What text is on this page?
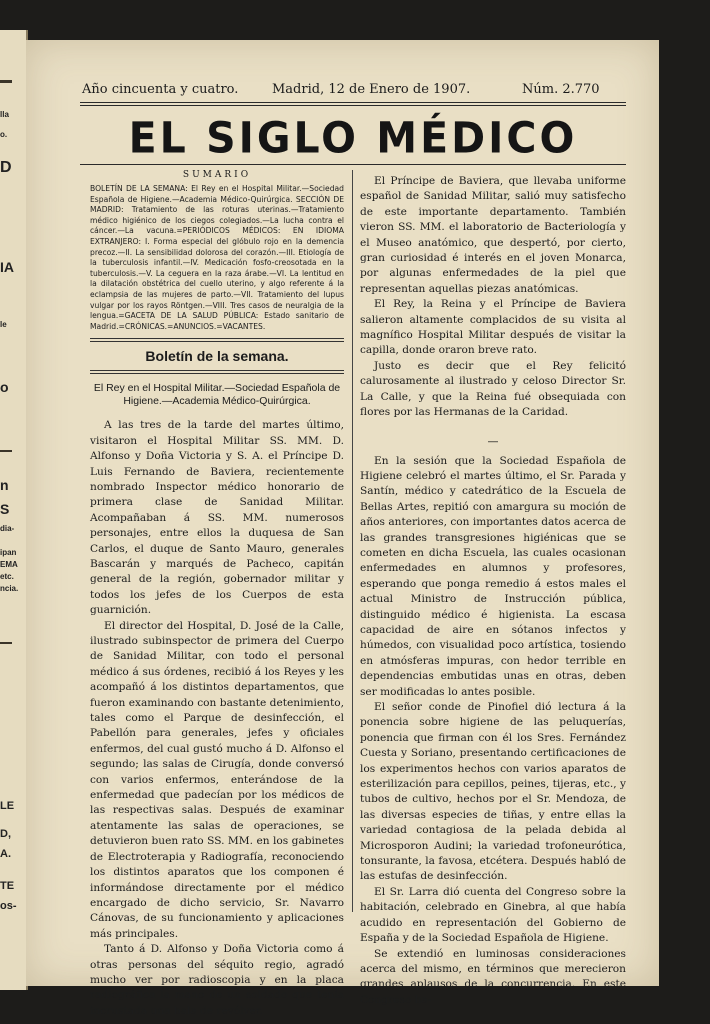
lla
o.
D
IA
le
o
n
S
dia-
ipan
EMA
etc.
ncia.
LE
D,
A.
TE
os-
Año cincuenta y cuatro.	Madrid, 12 de Enero de 1907.	Núm. 2.770
EL SIGLO MÉDICO
SUMARIO
BOLETÍN DE LA SEMANA: El Rey en el Hospital Militar.—Sociedad Española de Higiene.—Academia Médico-Quirúrgica. SECCIÓN DE MADRID: Tratamiento de las roturas uterinas.—Tratamiento médico higiénico de los ciegos colegiados.—La lucha contra el cáncer.—La vacuna.=PERIÓDICOS MÉDICOS: EN IDIOMA EXTRANJERO: I. Forma especial del glóbulo rojo en la demencia precoz.—II. La sensibilidad dolorosa del corazón.—III. Etiología de la tuberculosis infantil.—IV. Medicación fosfo-creosotada en la tuberculosis.—V. La ceguera en la raza árabe.—VI. La lentitud en la dilatación obstétrica del cuello uterino, y algo referente á la eclampsia de las mujeres de parto.—VII. Tratamiento del lupus vulgar por los rayos Röntgen.—VIII. Tres casos de neuralgia de la lengua.=GACETA DE LA SALUD PÚBLICA: Estado sanitario de Madrid.=CRÓNICAS.=ANUNCIOS.=VACANTES.
Boletín de la semana.
El Rey en el Hospital Militar.—Sociedad Española de Higiene.—Academia Médico-Quirúrgica.

A las tres de la tarde del martes último, visitaron el Hospital Militar SS. MM. D. Alfonso y Doña Victoria y S. A. el Príncipe D. Luis Fernando de Baviera, recientemente nombrado Inspector médico honorario de primera clase de Sanidad Militar. Acompañaban á SS. MM. numerosos personajes, entre ellos la duquesa de San Carlos, el duque de Santo Mauro, generales Bascarán y marqués de Pacheco, capitán general de la región, gobernador militar y todos los jefes de los Cuerpos de esta guarnición.

El director del Hospital, D. José de la Calle, ilustrado subinspector de primera del Cuerpo de Sanidad Militar, con todo el personal médico á sus órdenes, recibió á los Reyes y les acompañó á los distintos departamentos, que fueron examinando con bastante detenimiento, tales como el Parque de desinfección, el Pabellón para generales, jefes y oficiales enfermos, del cual gustó mucho á D. Alfonso el segundo; las salas de Cirugía, donde conversó con varios enfermos, enterándose de la enfermedad que padecían por los médicos de las respectivas salas. Después de examinar atentamente las salas de operaciones, se detuvieron buen rato SS. MM. en los gabinetes de Electroterapia y Radiografía, reconociendo los distintos aparatos que los componen é informándose directamente por el médico encargado de dicho servicio, Sr. Navarro Cánovas, de su funcionamiento y aplicaciones más principales.

Tanto á D. Alfonso y Doña Victoria como á otras personas del séquito regio, agradó mucho ver por radioscopia y en la placa radiográfica la mano de un soldado que tenía incrustada una bala de revólver.

El Príncipe de Baviera, que llevaba uniforme español de Sanidad Militar, salió muy satisfecho de este importante departamento. También vieron SS. MM. el laboratorio de Bacteriología y el Museo anatómico, que despertó, por cierto, gran curiosidad é interés en el joven Monarca, por algunas enfermedades de la piel que representan aquellas piezas anatómicas.

El Rey, la Reina y el Príncipe de Baviera salieron altamente complacidos de su visita al magnífico Hospital Militar después de visitar la capilla, donde oraron breve rato.

Justo es decir que el Rey felicitó calurosamente al ilustrado y celoso Director Sr. La Calle, y que la Reina fué obsequiada con flores por las Hermanas de la Caridad.

—

En la sesión que la Sociedad Española de Higiene celebró el martes último, el Sr. Parada y Santín, médico y catedrático de la Escuela de Bellas Artes, repitió con amargura su moción de años anteriores, con importantes datos acerca de las grandes transgresiones higiénicas que se cometen en dicha Escuela, las cuales ocasionan enfermedades en alumnos y profesores, esperando que ponga remedio á estos males el actual Ministro de Instrucción pública, distinguido médico é higienista. La escasa capacidad de aire en sótanos infectos y húmedos, con visualidad poco artística, tosiendo en atmósferas impuras, con hedor terrible en dependencias embutidas unas en otras, deben ser modificadas lo antes posible.

El señor conde de Pinofiel dió lectura á la ponencia sobre higiene de las peluquerías, ponencia que firman con él los Sres. Fernández Cuesta y Soriano, presentando certificaciones de los experimentos hechos con varios aparatos de esterilización para cepillos, peines, tijeras, etc., y tubos de cultivo, hechos por el Sr. Mendoza, de las diversas especies de tiñas, y entre ellas la variedad contagiosa de la pelada debida al Microsporon Audini; la variedad trofoneurótica, tonsurante, la favosa, etcétera. Después habló de las estufas de desinfección.

El Sr. Larra dió cuenta del Congreso sobre la habitación, celebrado en Ginebra, al que había acudido en representación del Gobierno de España y de la Sociedad Española de Higiene.

Se extendió en luminosas consideraciones acerca del mismo, en términos que merecieron grandes aplausos de la concurrencia. En este Congreso ha-
